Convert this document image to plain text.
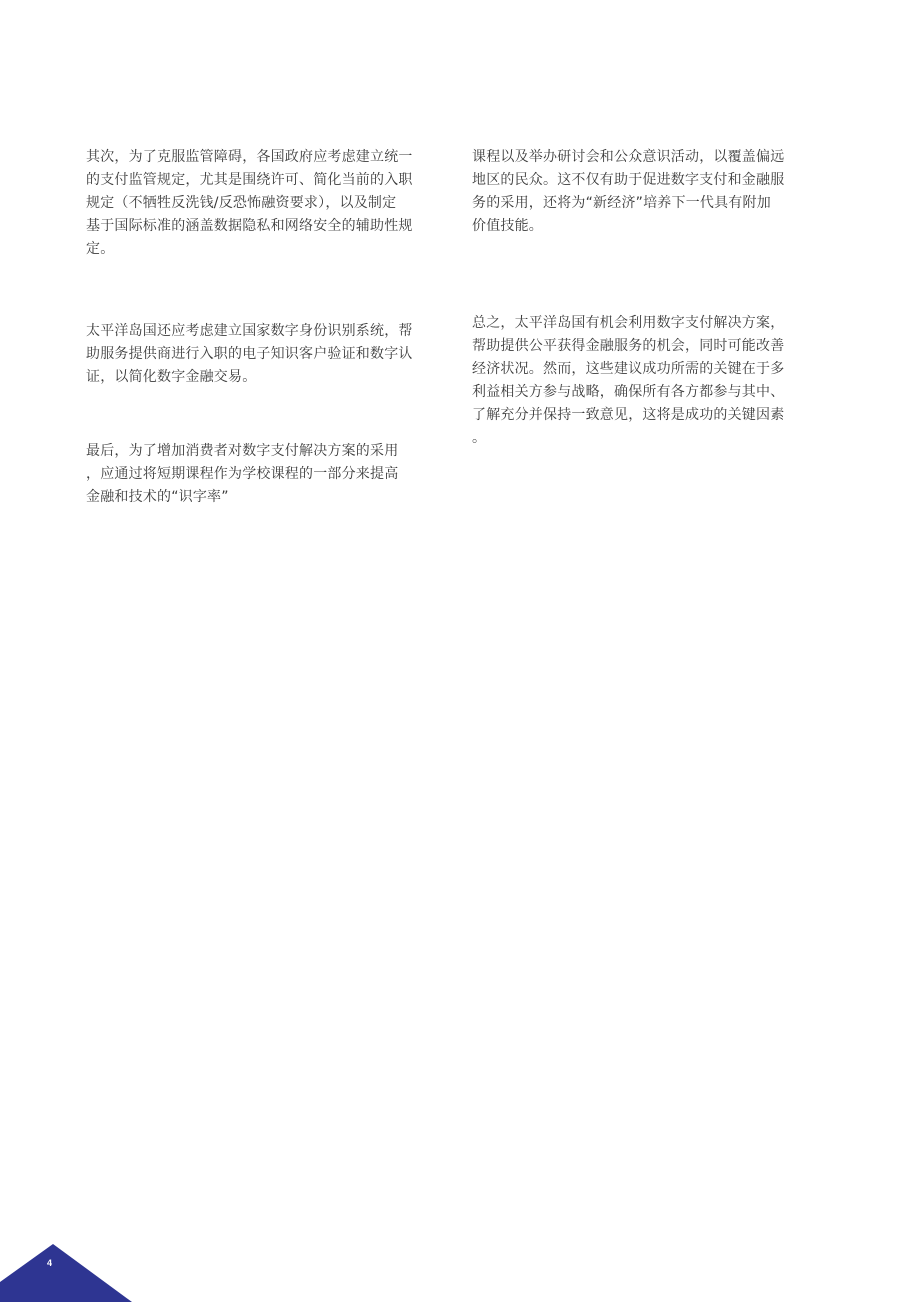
其次，为了克服监管障碍，各国政府应考虑建立统一
的支付监管规定，尤其是围绕许可、简化当前的入职
规定（不牺牲反洗钱/反恐怖融资要求），以及制定
基于国际标准的涵盖数据隐私和网络安全的辅助性规
定。

太平洋岛国还应考虑建立国家数字身份识别系统，帮
助服务提供商进行入职的电子知识客户验证和数字认
证，以简化数字金融交易。

最后，为了增加消费者对数字支付解决方案的采用
，应通过将短期课程作为学校课程的一部分来提高
金融和技术的“识字率”

课程以及举办研讨会和公众意识活动，以覆盖偏远
地区的民众。这不仅有助于促进数字支付和金融服
务的采用，还将为“新经济”培养下一代具有附加
价值技能。

总之，太平洋岛国有机会利用数字支付解决方案，
帮助提供公平获得金融服务的机会，同时可能改善
经济状况。然而，这些建议成功所需的关键在于多
利益相关方参与战略，确保所有各方都参与其中、
了解充分并保持一致意见，这将是成功的关键因素
。

4
